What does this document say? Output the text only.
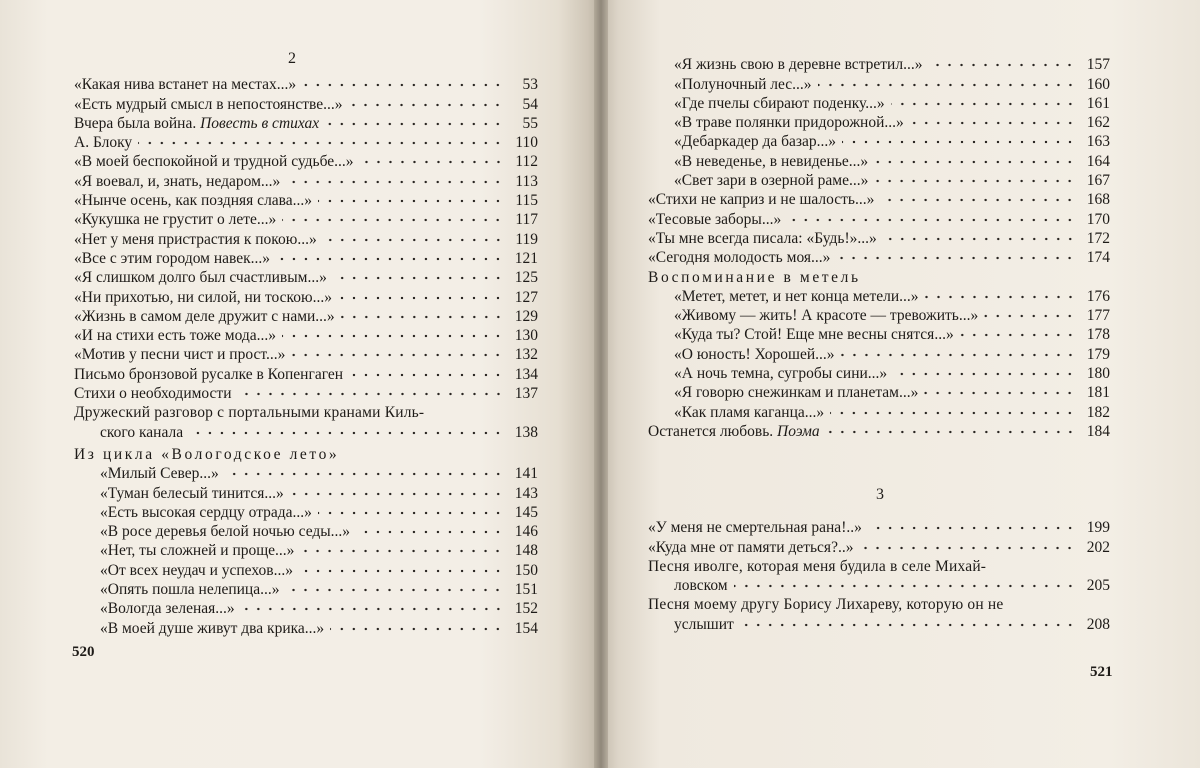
2
«Какая нива встанет на местах...»	53
«Есть мудрый смысл в непостоянстве...»	54
Вчера была война. Повесть в стихах	55
А. Блоку	110
«В моей беспокойной и трудной судьбе...»	112
«Я воевал, и, знать, недаром...»	113
«Нынче осень, как поздняя слава...»	115
«Кукушка не грустит о лете...»	117
«Нет у меня пристрастия к покою...»	119
«Все с этим городом навек...»	121
«Я слишком долго был счастливым...»	125
«Ни прихотью, ни силой, ни тоскою...»	127
«Жизнь в самом деле дружит с нами...»	129
«И на стихи есть тоже мода...»	130
«Мотив у песни чист и прост...»	132
Письмо бронзовой русалке в Копенгаген	134
Стихи о необходимости	137
Дружеский разговор с портальными кранами Киль-
ского канала	138
Из цикла «Вологодское лето»
«Милый Север...»	141
«Туман белесый тинится...»	143
«Есть высокая сердцу отрада...»	145
«В росе деревья белой ночью седы...»	146
«Нет, ты сложней и проще...»	148
«От всех неудач и успехов...»	150
«Опять пошла нелепица...»	151
«Вологда зеленая...»	152
«В моей душе живут два крика...»	154
520
«Я жизнь свою в деревне встретил...»	157
«Полуночный лес...»	160
«Где пчелы сбирают поденку...»	161
«В траве полянки придорожной...»	162
«Дебаркадер да базар...»	163
«В неведенье, в невиденье...»	164
«Свет зари в озерной раме...»	167
«Стихи не каприз и не шалость...»	168
«Тесовые заборы...»	170
«Ты мне всегда писала: «Будь!»...»	172
«Сегодня молодость моя...»	174
Воспоминание в метель
«Метет, метет, и нет конца метели...»	176
«Живому — жить! А красоте — тревожить...»	177
«Куда ты? Стой! Еще мне весны снятся...»	178
«О юность! Хорошей...»	179
«А ночь темна, сугробы сини...»	180
«Я говорю снежинкам и планетам...»	181
«Как пламя каганца...»	182
Останется любовь. Поэма	184
3
«У меня не смертельная рана!..»	199
«Куда мне от памяти деться?..»	202
Песня иволге, которая меня будила в селе Михай-
ловском	205
Песня моему другу Борису Лихареву, которую он не
услышит	208
521
